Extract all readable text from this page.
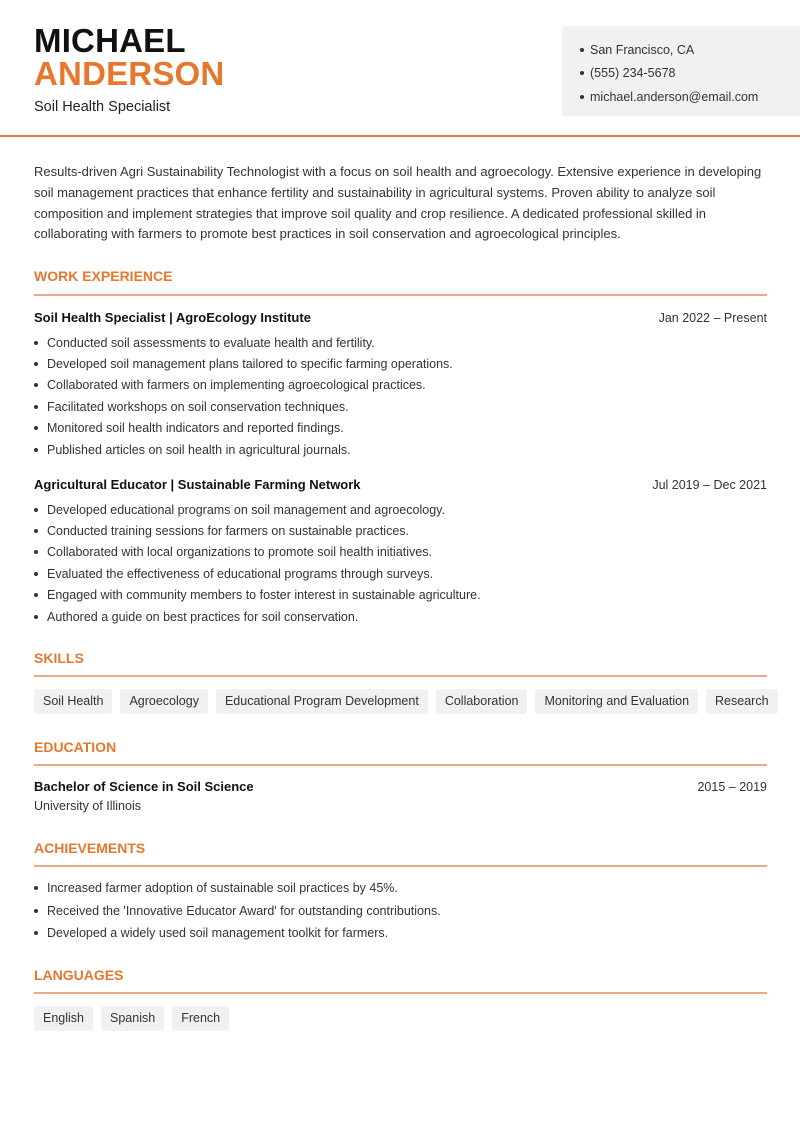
MICHAEL
ANDERSON
Soil Health Specialist
San Francisco, CA
(555) 234-5678
michael.anderson@email.com

Results-driven Agri Sustainability Technologist with a focus on soil health and agroecology. Extensive experience in developing soil management practices that enhance fertility and sustainability in agricultural systems. Proven ability to analyze soil composition and implement strategies that improve soil quality and crop resilience. A dedicated professional skilled in collaborating with farmers to promote best practices in soil conservation and agroecological principles.

WORK EXPERIENCE
Soil Health Specialist | AgroEcology Institute	Jan 2022 – Present
Conducted soil assessments to evaluate health and fertility.
Developed soil management plans tailored to specific farming operations.
Collaborated with farmers on implementing agroecological practices.
Facilitated workshops on soil conservation techniques.
Monitored soil health indicators and reported findings.
Published articles on soil health in agricultural journals.
Agricultural Educator | Sustainable Farming Network	Jul 2019 – Dec 2021
Developed educational programs on soil management and agroecology.
Conducted training sessions for farmers on sustainable practices.
Collaborated with local organizations to promote soil health initiatives.
Evaluated the effectiveness of educational programs through surveys.
Engaged with community members to foster interest in sustainable agriculture.
Authored a guide on best practices for soil conservation.
SKILLS
Soil Health	Agroecology	Educational Program Development	Collaboration	Monitoring and Evaluation	Research
EDUCATION
Bachelor of Science in Soil Science	2015 – 2019
University of Illinois
ACHIEVEMENTS
Increased farmer adoption of sustainable soil practices by 45%.
Received the 'Innovative Educator Award' for outstanding contributions.
Developed a widely used soil management toolkit for farmers.
LANGUAGES
English	Spanish	French
